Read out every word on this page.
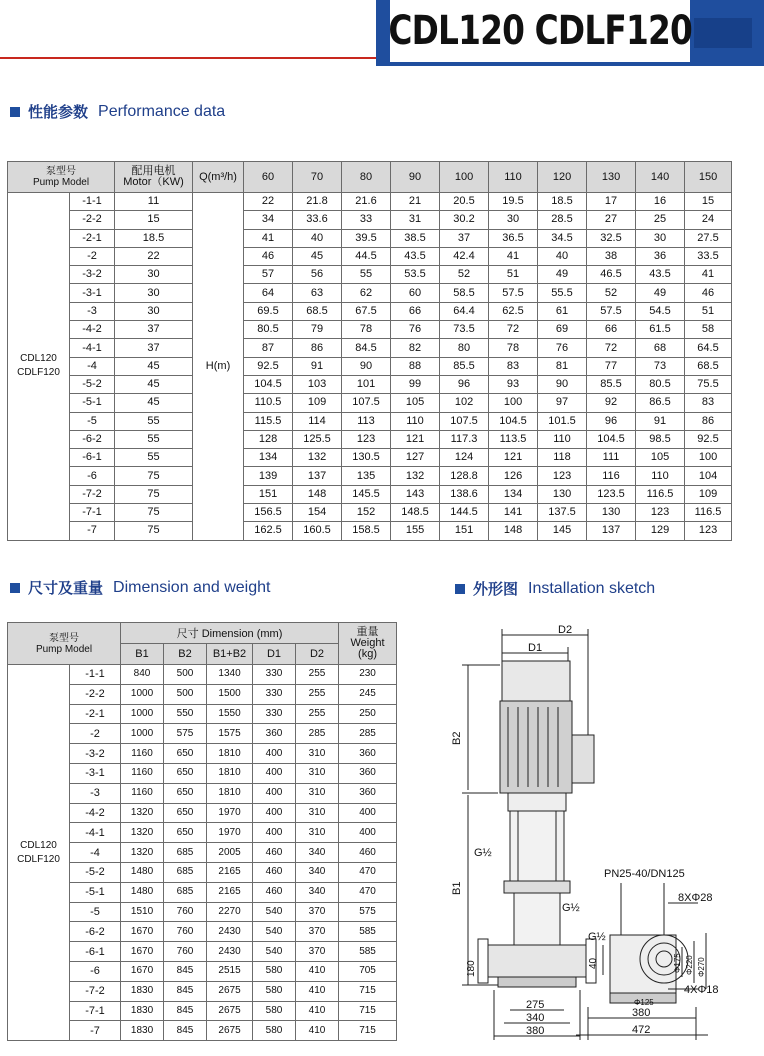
CDL120 CDLF120
性能参数 Performance data
泵型号
Pump Model		配用电机
Motor（KW)	Q(m³/h)	60	70	80	90	100	110	120	130	140	150

CDL120
CDLF120	-1-1	11	H(m)	22	21.8	21.6	21	20.5	19.5	18.5	17	16	15
	-2-2	15		34	33.6	33	31	30.2	30	28.5	27	25	24
	-2-1	18.5		41	40	39.5	38.5	37	36.5	34.5	32.5	30	27.5
	-2	22		46	45	44.5	43.5	42.4	41	40	38	36	33.5
	-3-2	30		57	56	55	53.5	52	51	49	46.5	43.5	41
	-3-1	30		64	63	62	60	58.5	57.5	55.5	52	49	46
	-3	30		69.5	68.5	67.5	66	64.4	62.5	61	57.5	54.5	51
	-4-2	37		80.5	79	78	76	73.5	72	69	66	61.5	58
	-4-1	37		87	86	84.5	82	80	78	76	72	68	64.5
	-4	45		92.5	91	90	88	85.5	83	81	77	73	68.5
	-5-2	45		104.5	103	101	99	96	93	90	85.5	80.5	75.5
	-5-1	45		110.5	109	107.5	105	102	100	97	92	86.5	83
	-5	55		115.5	114	113	110	107.5	104.5	101.5	96	91	86
	-6-2	55		128	125.5	123	121	117.3	113.5	110	104.5	98.5	92.5
	-6-1	55		134	132	130.5	127	124	121	118	111	105	100
	-6	75		139	137	135	132	128.8	126	123	116	110	104
	-7-2	75		151	148	145.5	143	138.6	134	130	123.5	116.5	109
	-7-1	75		156.5	154	152	148.5	144.5	141	137.5	130	123	116.5
	-7	75		162.5	160.5	158.5	155	151	148	145	137	129	123
尺寸及重量 Dimension and weight
泵型号
Pump Model		尺寸 Dimension (mm)					重量
Weight
(kg)

		B1	B2	B1+B2	D1	D2	

CDL120
CDLF120	-1-1	840	500	1340	330	255	230
	-2-2	1000	500	1500	330	255	245
	-2-1	1000	550	1550	330	255	250
	-2	1000	575	1575	360	285	285
	-3-2	1160	650	1810	400	310	360
	-3-1	1160	650	1810	400	310	360
	-3	1160	650	1810	400	310	360
	-4-2	1320	650	1970	400	310	400
	-4-1	1320	650	1970	400	310	400
	-4	1320	685	2005	460	340	460
	-5-2	1480	685	2165	460	340	470
	-5-1	1480	685	2165	460	340	470
	-5	1510	760	2270	540	370	575
	-6-2	1670	760	2430	540	370	585
	-6-1	1670	760	2430	540	370	585
	-6	1670	845	2515	580	410	705
	-7-2	1830	845	2675	580	410	715
	-7-1	1830	845	2675	580	410	715
	-7	1830	845	2675	580	410	715
外形图 Installation sketch
D2
D1
B2
B1
G½
G½
G½
180
275
340
380
PN25-40/DN125
8XΦ28
40	Φ175 Φ220 Φ270
Φ125
4XΦ18
380
472
